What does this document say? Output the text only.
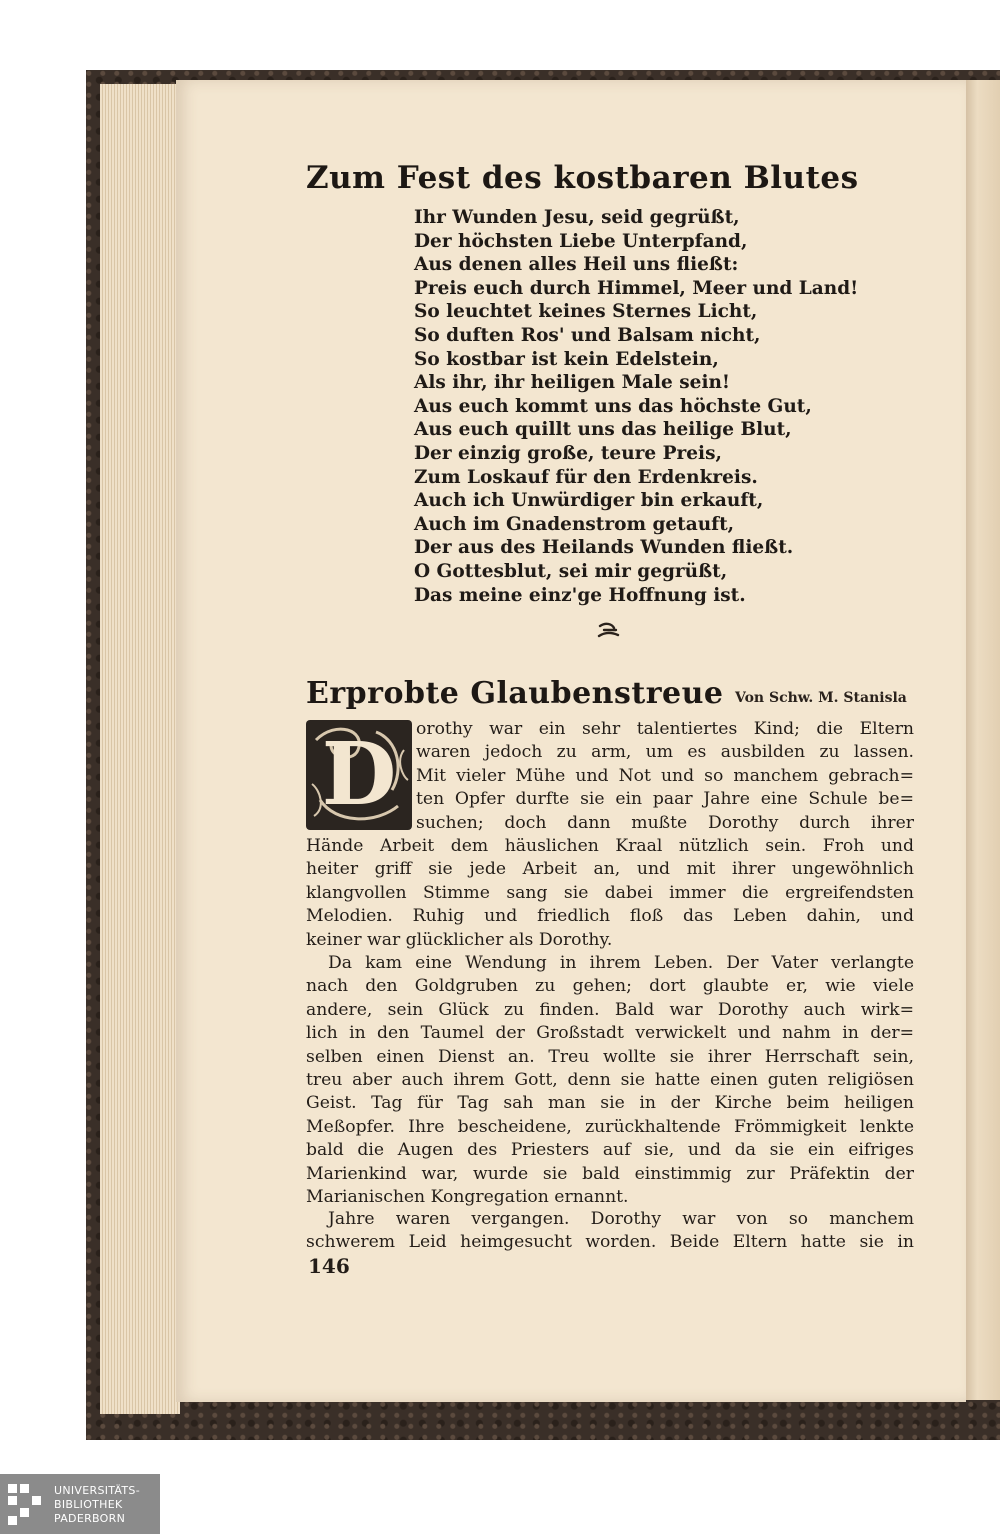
Zum Fest des kostbaren Blutes
Ihr Wunden Jesu, seid gegrüßt,
Der höchsten Liebe Unterpfand,
Aus denen alles Heil uns fließt:
Preis euch durch Himmel, Meer und Land!
So leuchtet keines Sternes Licht,
So duften Ros' und Balsam nicht,
So kostbar ist kein Edelstein,
Als ihr, ihr heiligen Male sein!
Aus euch kommt uns das höchste Gut,
Aus euch quillt uns das heilige Blut,
Der einzig große, teure Preis,
Zum Loskauf für den Erdenkreis.
Auch ich Unwürdiger bin erkauft,
Auch im Gnadenstrom getauft,
Der aus des Heilands Wunden fließt.
O Gottesblut, sei mir gegrüßt,
Das meine einz'ge Hoffnung ist.
Erprobte Glaubenstreue Von Schw. M. Stanisla
D	orothy war ein sehr talentiertes Kind; die Eltern
waren jedoch zu arm, um es ausbilden zu lassen.
Mit vieler Mühe und Not und so manchem gebrach=
ten Opfer durfte sie ein paar Jahre eine Schule be=
suchen; doch dann mußte Dorothy durch ihrer
Hände Arbeit dem häuslichen Kraal nützlich sein. Froh und
heiter griff sie jede Arbeit an, und mit ihrer ungewöhnlich
klangvollen Stimme sang sie dabei immer die ergreifendsten
Melodien. Ruhig und friedlich floß das Leben dahin, und
keiner war glücklicher als Dorothy.
Da kam eine Wendung in ihrem Leben. Der Vater verlangte
nach den Goldgruben zu gehen; dort glaubte er, wie viele
andere, sein Glück zu finden. Bald war Dorothy auch wirk=
lich in den Taumel der Großstadt verwickelt und nahm in der=
selben einen Dienst an. Treu wollte sie ihrer Herrschaft sein,
treu aber auch ihrem Gott, denn sie hatte einen guten religiösen
Geist. Tag für Tag sah man sie in der Kirche beim heiligen
Meßopfer. Ihre bescheidene, zurückhaltende Frömmigkeit lenkte
bald die Augen des Priesters auf sie, und da sie ein eifriges
Marienkind war, wurde sie bald einstimmig zur Präfektin der
Marianischen Kongregation ernannt.
Jahre waren vergangen. Dorothy war von so manchem
schwerem Leid heimgesucht worden. Beide Eltern hatte sie in
146
UNIVERSITÄTS-
BIBLIOTHEK
PADERBORN
